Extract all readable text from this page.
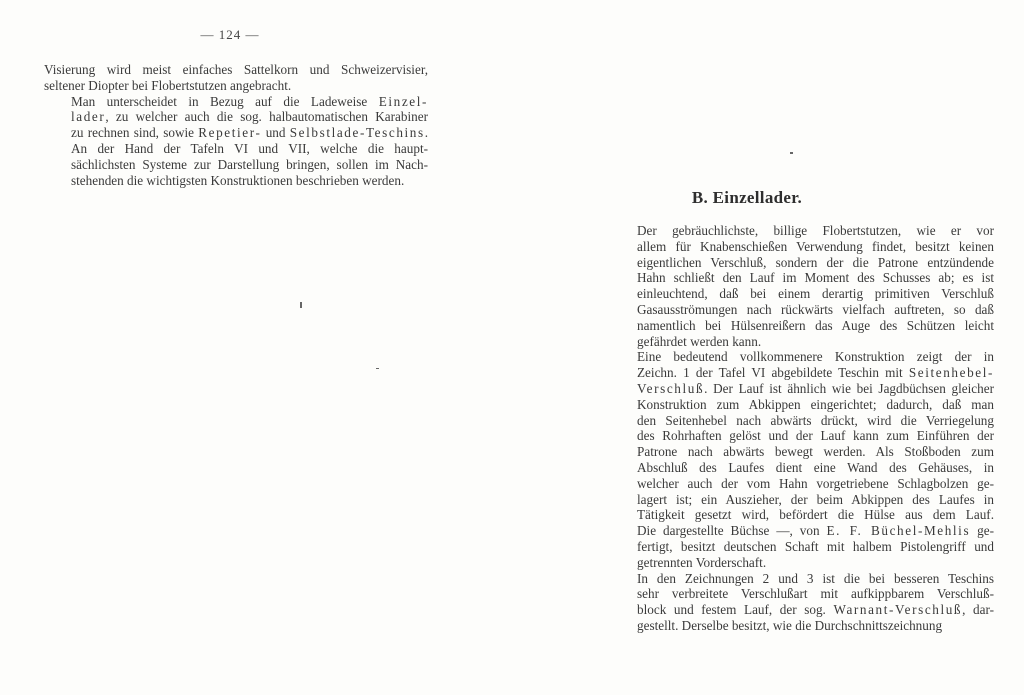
— 124 —

Visierung wird meist einfaches Sattelkorn und Schweizervisier,
seltener Diopter bei Flobertstutzen angebracht.

Man unterscheidet in Bezug auf die Ladeweise Einzel-
lader, zu welcher auch die sog. halbautomatischen Karabiner
zu rechnen sind, sowie Repetier- und Selbstlade-Teschins.
An der Hand der Tafeln VI und VII, welche die haupt-
sächlichsten Systeme zur Darstellung bringen, sollen im Nach-
stehenden die wichtigsten Konstruktionen beschrieben werden.

B. Einzellader.

Der gebräuchlichste, billige Flobertstutzen, wie er vor
allem für Knabenschießen Verwendung findet, besitzt keinen
eigentlichen Verschluß, sondern der die Patrone entzündende
Hahn schließt den Lauf im Moment des Schusses ab; es ist
einleuchtend, daß bei einem derartig primitiven Verschluß
Gasausströmungen nach rückwärts vielfach auftreten, so daß
namentlich bei Hülsenreißern das Auge des Schützen leicht
gefährdet werden kann.

Eine bedeutend vollkommenere Konstruktion zeigt der in
Zeichn. 1 der Tafel VI abgebildete Teschin mit Seitenhebel-
Verschluß. Der Lauf ist ähnlich wie bei Jagdbüchsen gleicher
Konstruktion zum Abkippen eingerichtet; dadurch, daß man
den Seitenhebel nach abwärts drückt, wird die Verriegelung
des Rohrhaften gelöst und der Lauf kann zum Einführen der
Patrone nach abwärts bewegt werden. Als Stoßboden zum
Abschluß des Laufes dient eine Wand des Gehäuses, in
welcher auch der vom Hahn vorgetriebene Schlagbolzen ge-
lagert ist; ein Auszieher, der beim Abkippen des Laufes in
Tätigkeit gesetzt wird, befördert die Hülse aus dem Lauf.
Die dargestellte Büchse —, von E. F. Büchel-Mehlis ge-
fertigt, besitzt deutschen Schaft mit halbem Pistolengriff und
getrennten Vorderschaft.

In den Zeichnungen 2 und 3 ist die bei besseren Teschins
sehr verbreitete Verschlußart mit aufkippbarem Verschluß-
block und festem Lauf, der sog. Warnant-Verschluß, dar-
gestellt. Derselbe besitzt, wie die Durchschnittszeichnung
